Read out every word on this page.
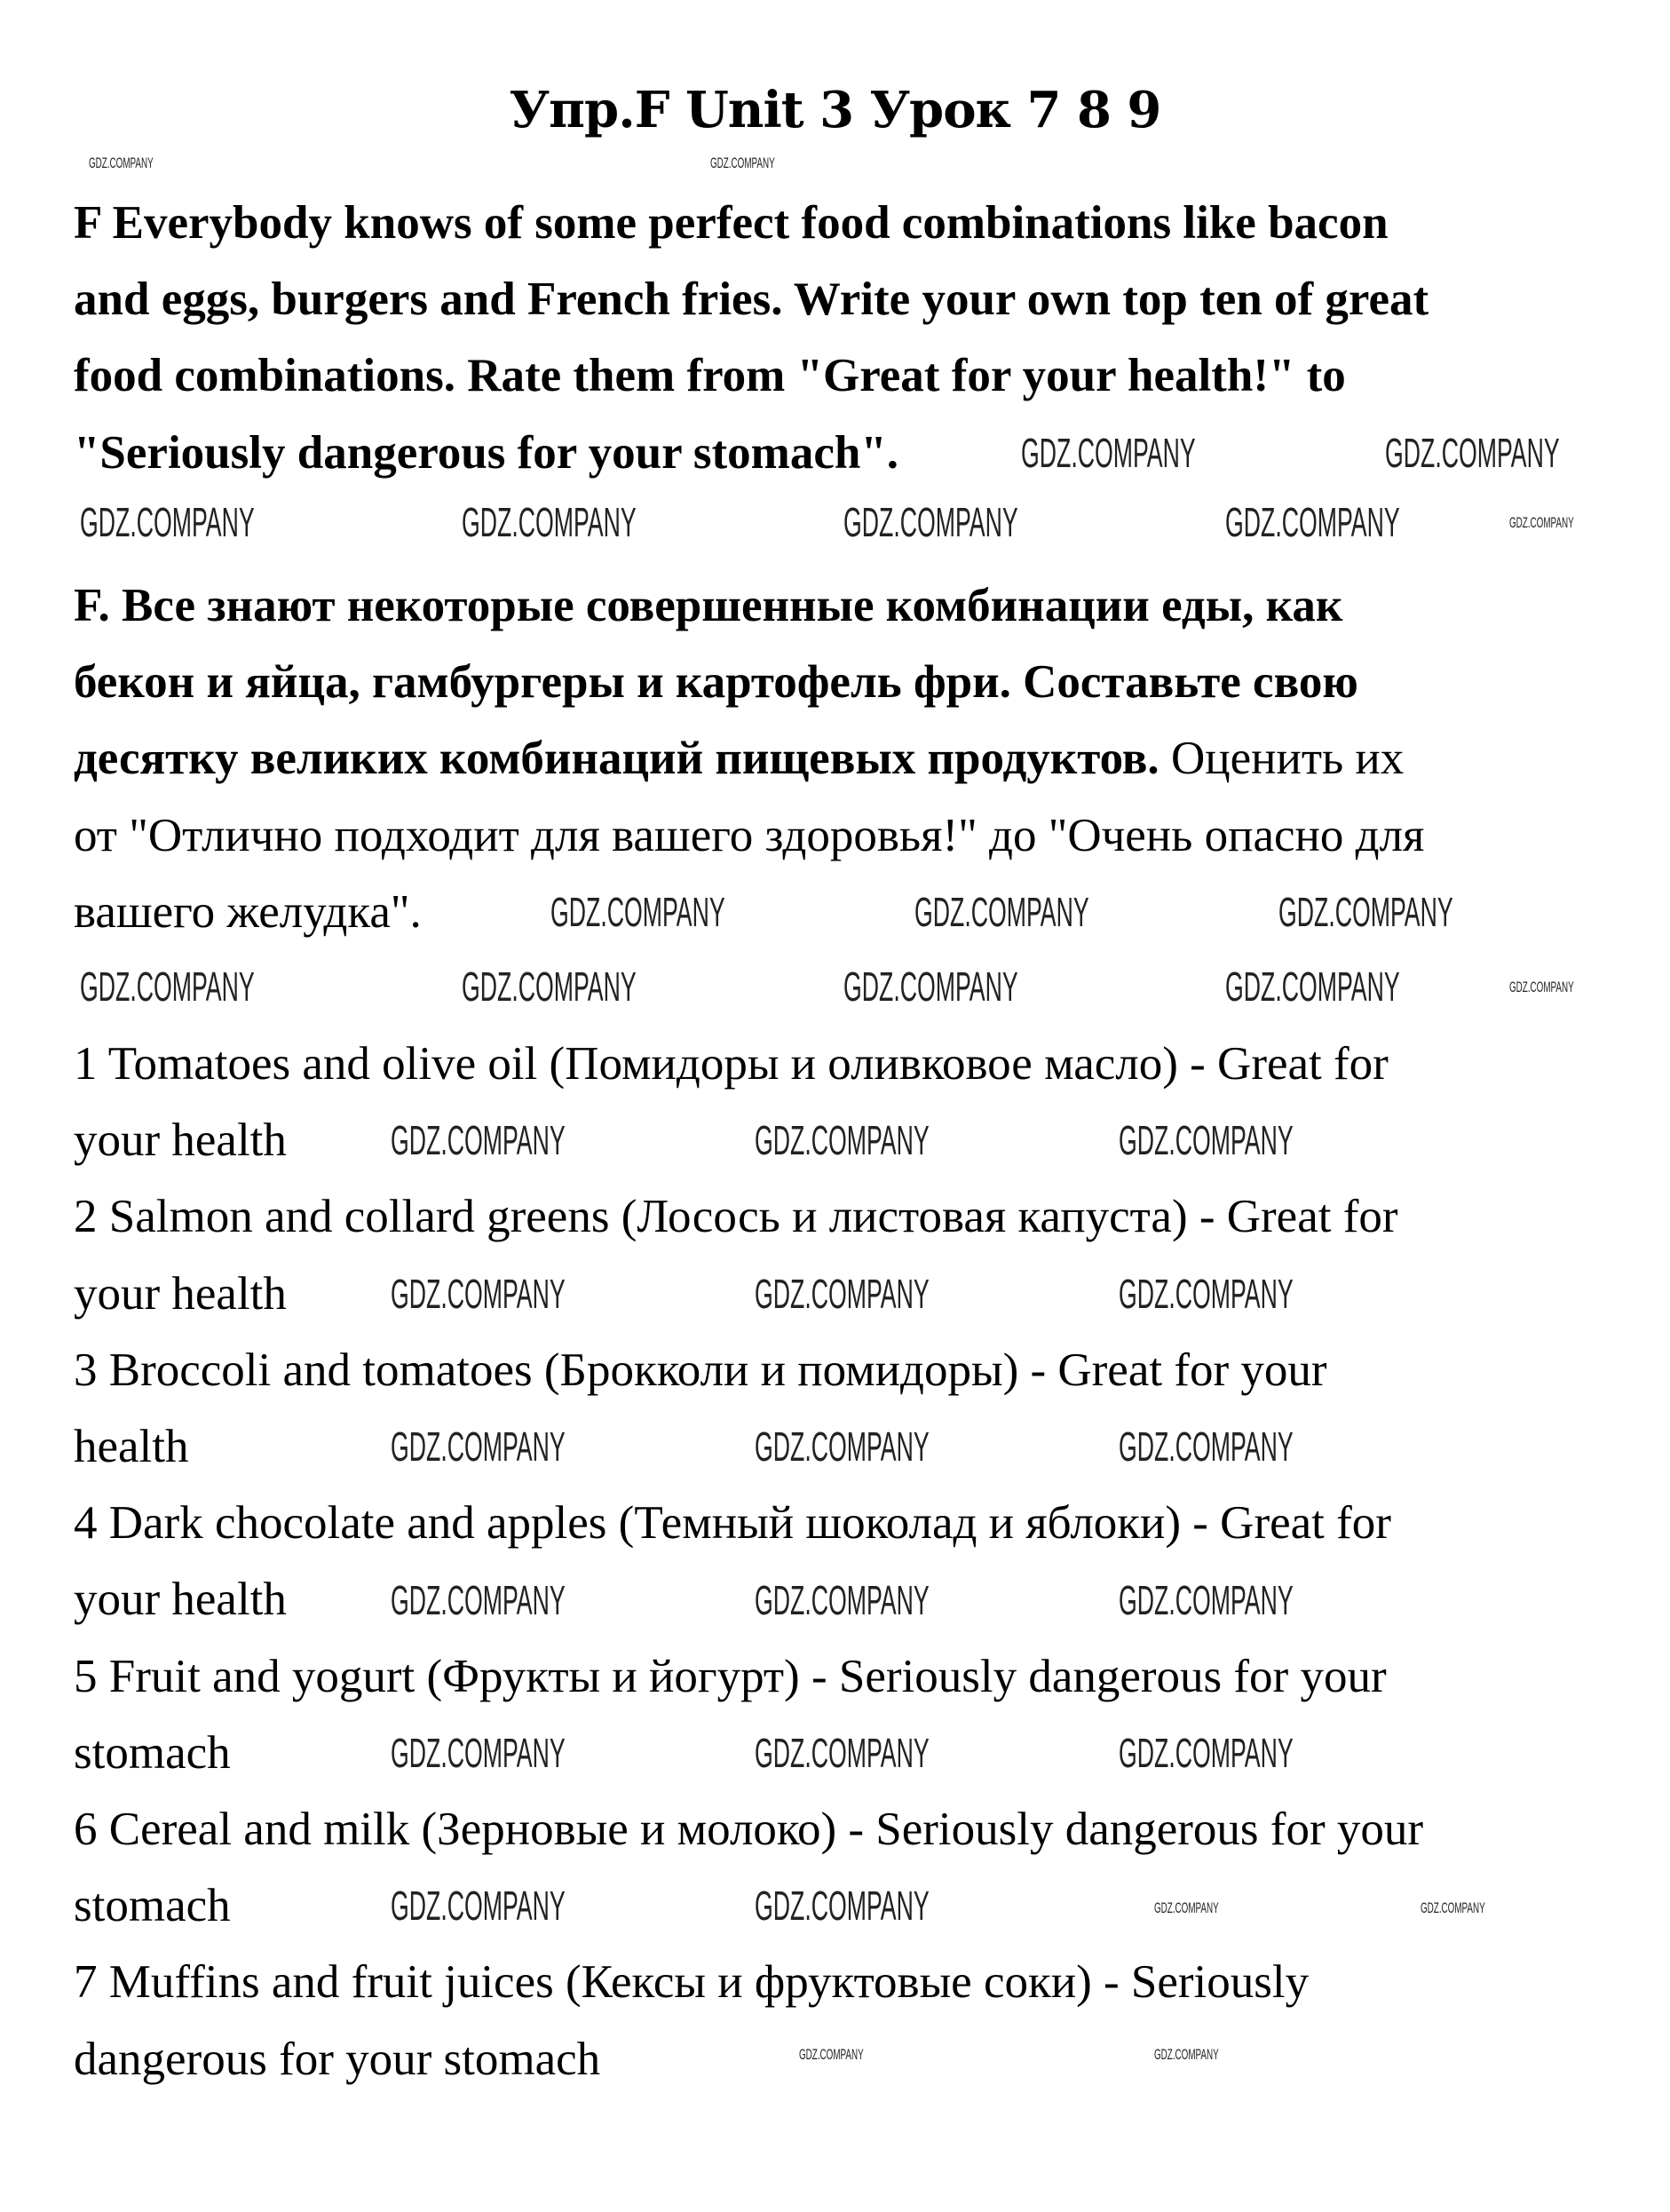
Упр.F Unit 3 Урок 7 8 9
F Everybody knows of some perfect food combinations like bacon
and eggs, burgers and French fries. Write your own top ten of great
food combinations. Rate them from "Great for your health!" to
"Seriously dangerous for your stomach".
F. Все знают некоторые совершенные комбинации еды, как
бекон и яйца, гамбургеры и картофель фри. Составьте свою
десятку великих комбинаций пищевых продуктов. Оценить их
от "Отлично подходит для вашего здоровья!" до "Очень опасно для
вашего желудка".
1 Tomatoes and olive oil (Помидоры и оливковое масло) - Great for
your health
2 Salmon and collard greens (Лосось и листовая капуста) - Great for
your health
3 Broccoli and tomatoes (Брокколи и помидоры) - Great for your
health
4 Dark chocolate and apples (Темный шоколад и яблоки) - Great for
your health
5 Fruit and yogurt (Фрукты и йогурт) - Seriously dangerous for your
stomach
6 Cereal and milk (Зерновые и молоко) - Seriously dangerous for your
stomach
7 Muffins and fruit juices (Кексы и фруктовые соки) - Seriously
dangerous for your stomach
GDZ.COMPANY	GDZ.COMPANY	GDZ.COMPANY	GDZ.COMPANY
GDZ.COMPANY	GDZ.COMPANY
GDZ.COMPANY	GDZ.COMPANY	GDZ.COMPANY	GDZ.COMPANY
GDZ.COMPANY	GDZ.COMPANY	GDZ.COMPANY
GDZ.COMPANY	GDZ.COMPANY	GDZ.COMPANY
GDZ.COMPANY	GDZ.COMPANY	GDZ.COMPANY
GDZ.COMPANY	GDZ.COMPANY	GDZ.COMPANY
GDZ.COMPANY	GDZ.COMPANY	GDZ.COMPANY
GDZ.COMPANY	GDZ.COMPANY	GDZ.COMPANY
GDZ.COMPANY	GDZ.COMPANY
GDZ.COMPANY
GDZ.COMPANY
GDZ.COMPANY	GDZ.COMPANY
GDZ.COMPANY	GDZ.COMPANY
GDZ.COMPANY	GDZ.COMPANY
